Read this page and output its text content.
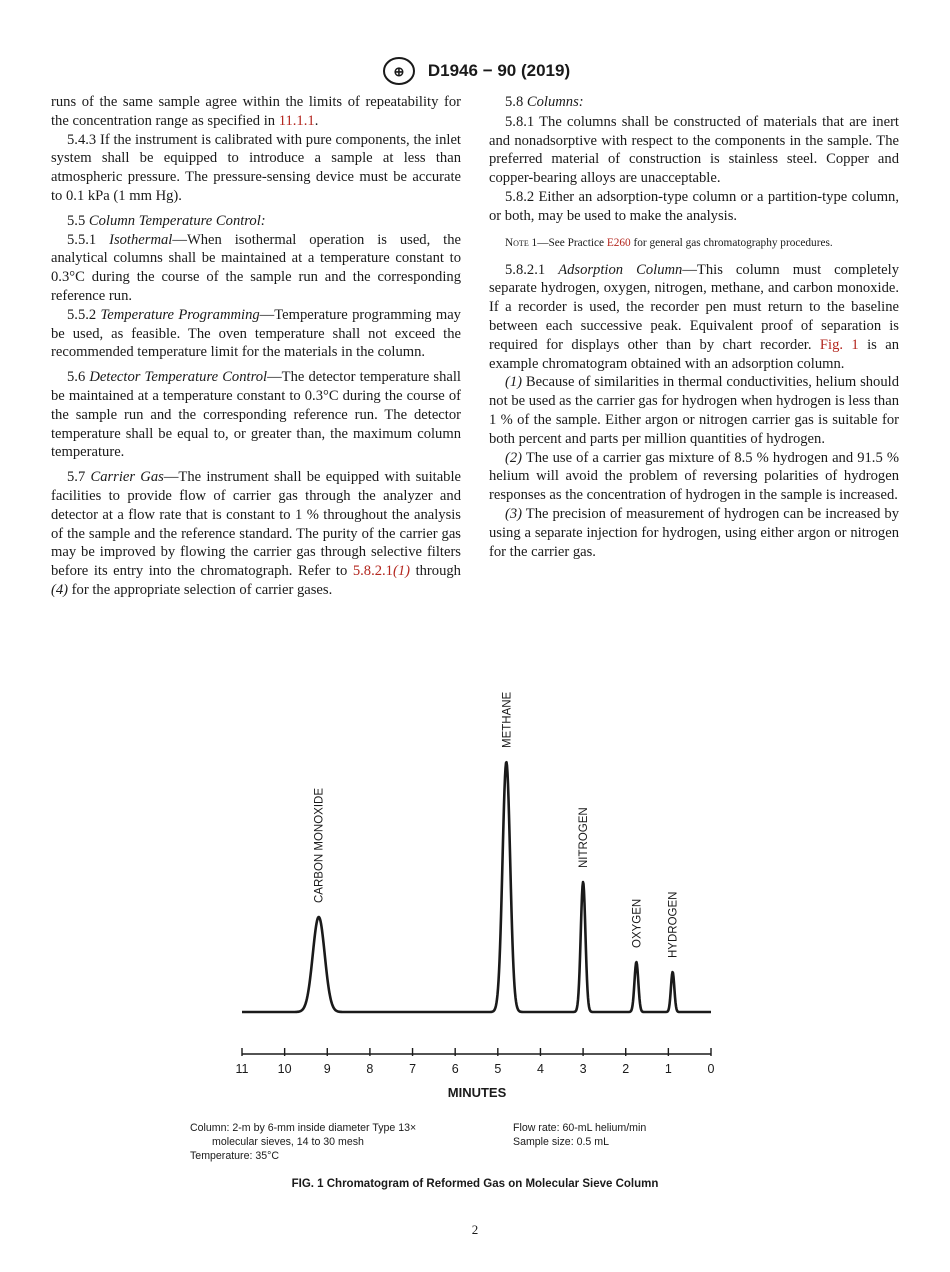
⊕ D1946 − 90 (2019)

runs of the same sample agree within the limits of repeatability for the concentration range as specified in 11.1.1.

5.4.3 If the instrument is calibrated with pure components, the inlet system shall be equipped to introduce a sample at less than atmospheric pressure. The pressure-sensing device must be accurate to 0.1 kPa (1 mm Hg).

5.5 Column Temperature Control:

5.5.1 Isothermal—When isothermal operation is used, the analytical columns shall be maintained at a temperature constant to 0.3°C during the course of the sample run and the corresponding reference run.

5.5.2 Temperature Programming—Temperature programming may be used, as feasible. The oven temperature shall not exceed the recommended temperature limit for the materials in the column.

5.6 Detector Temperature Control—The detector temperature shall be maintained at a temperature constant to 0.3°C during the course of the sample run and the corresponding reference run. The detector temperature shall be equal to, or greater than, the maximum column temperature.

5.7 Carrier Gas—The instrument shall be equipped with suitable facilities to provide flow of carrier gas through the analyzer and detector at a flow rate that is constant to 1 % throughout the analysis of the sample and the reference standard. The purity of the carrier gas may be improved by flowing the carrier gas through selective filters before its entry into the chromatograph. Refer to 5.8.2.1(1) through (4) for the appropriate selection of carrier gases.

5.8 Columns:

5.8.1 The columns shall be constructed of materials that are inert and nonadsorptive with respect to the components in the sample. The preferred material of construction is stainless steel. Copper and copper-bearing alloys are unacceptable.

5.8.2 Either an adsorption-type column or a partition-type column, or both, may be used to make the analysis.

Note 1—See Practice E260 for general gas chromatography procedures.

5.8.2.1 Adsorption Column—This column must completely separate hydrogen, oxygen, nitrogen, methane, and carbon monoxide. If a recorder is used, the recorder pen must return to the baseline between each successive peak. Equivalent proof of separation is required for displays other than by chart recorder. Fig. 1 is an example chromatogram obtained with an adsorption column.

(1) Because of similarities in thermal conductivities, helium should not be used as the carrier gas for hydrogen when hydrogen is less than 1 % of the sample. Either argon or nitrogen carrier gas is suitable for both percent and parts per million quantities of hydrogen.

(2) The use of a carrier gas mixture of 8.5 % hydrogen and 91.5 % helium will avoid the problem of reversing polarities of hydrogen responses as the concentration of hydrogen in the sample is increased.

(3) The precision of measurement of hydrogen can be increased by using a separate injection for hydrogen, using either argon or nitrogen for the carrier gas.

11 10	9	8	7	6	5	4	3	2	1	0
CARBON MONOXIDE
METHANE
NITROGEN
OXYGEN HYDROGEN
MINUTES
Column: 2-m by 6-mm inside diameter Type 13×
molecular sieves, 14 to 30 mesh
Temperature: 35°C
Flow rate: 60-mL helium/min
Sample size: 0.5 mL
FIG. 1 Chromatogram of Reformed Gas on Molecular Sieve Column
2
